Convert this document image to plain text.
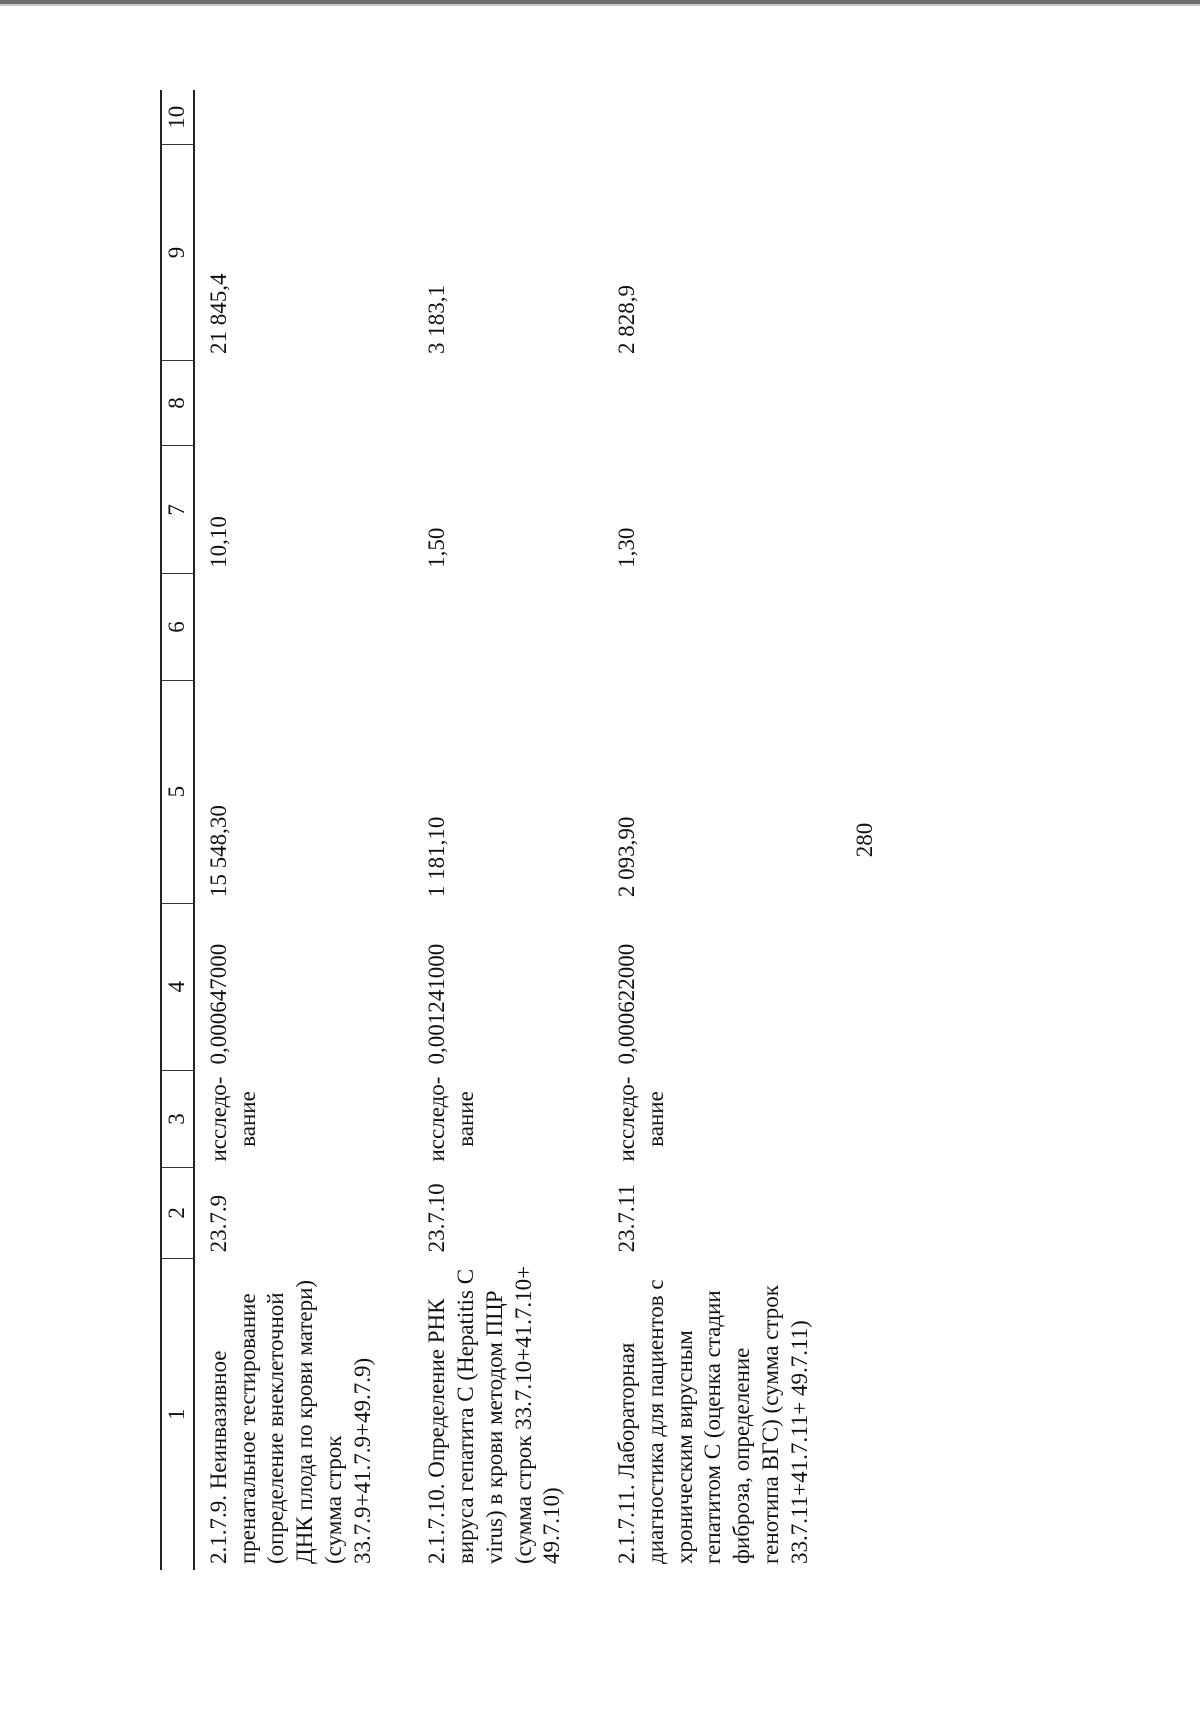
280
1	2	3	4	5	6	7	8	9	10
2.1.7.9. Неинвазивное пренатальное тестирование (определение внеклеточной ДНК плода по крови матери) (сумма строк 33.7.9+41.7.9+49.7.9)	23.7.9	исследо-вание	0,000647000	15 548,30		10,10		21 845,4	
2.1.7.10. Определение РНК вируса гепатита С (Hepatitis C virus) в крови методом ПЦР (сумма строк 33.7.10+41.7.10+ 49.7.10)	23.7.10	исследо-вание	0,001241000	1 181,10		1,50		3 183,1	
2.1.7.11. Лабораторная диагностика для пациентов с хроническим вирусным гепатитом С (оценка стадии фиброза, определение генотипа ВГС) (сумма строк 33.7.11+41.7.11+ 49.7.11)	23.7.11	исследо-вание	0,000622000	2 093,90		1,30		2 828,9	
